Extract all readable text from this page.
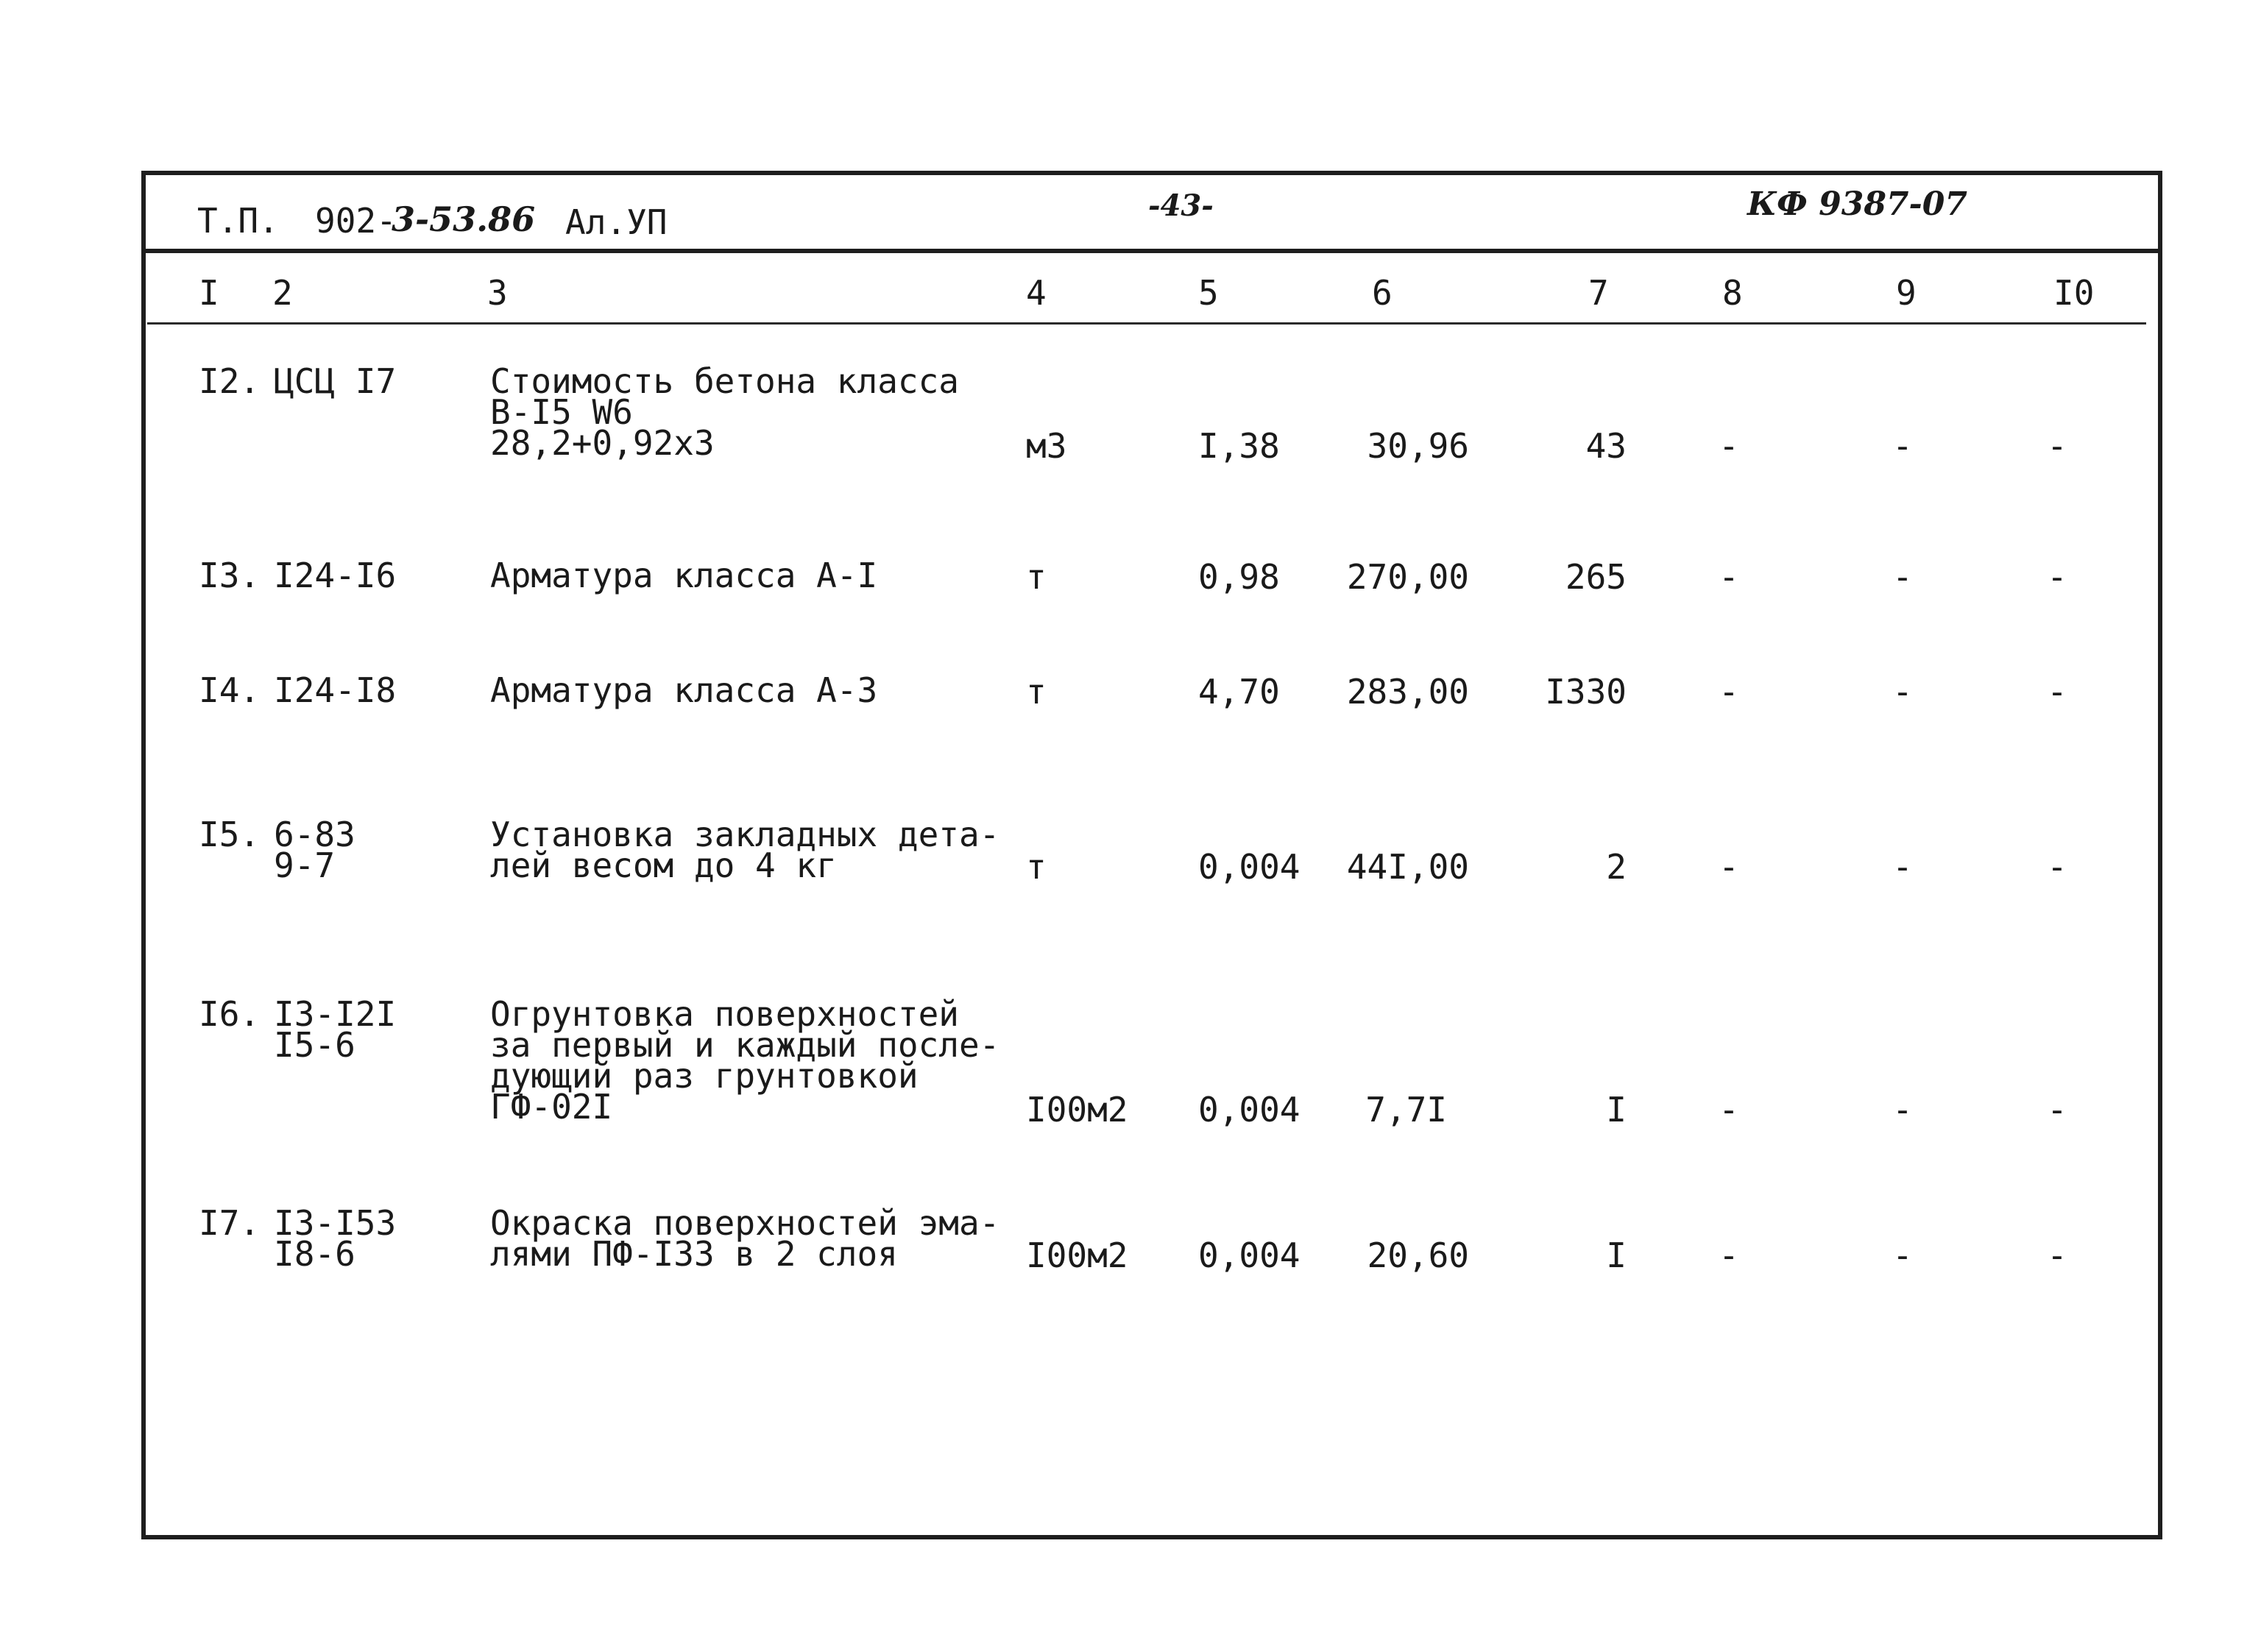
Т.П. 902-
3-53.86 Ал.УП	-43-	КФ 9387-07
I 2	3	4	5	6	7	8	9	I0
I2. ЦСЦ I7	Стоимость бетона класса
В-I5 W6
28,2+0,92х3	м3	I,38	30,96	43	-	-	-
I3. I24-I6	Арматура класса А-I	т	0,98	270,00	265	-	-	-
I4. I24-I8	Арматура класса А-3	т	4,70	283,00	I330	-	-	-
I5. 6-83
9-7
Установка закладных дета-
лей весом до 4 кг	т	0,004	44I,00	2	-	-	-
I6. I3-I2I
I5-6
Огрунтовка поверхностей
за первый и каждый после-
дующий раз грунтовкой
ГФ-02I	I00м2 0,004	7,7I	I	-	-	-
I7. I3-I53
I8-6
Окраска поверхностей эма-
лями ПФ-I33 в 2 слоя	I00м2 0,004	20,60	I	-	-	-
